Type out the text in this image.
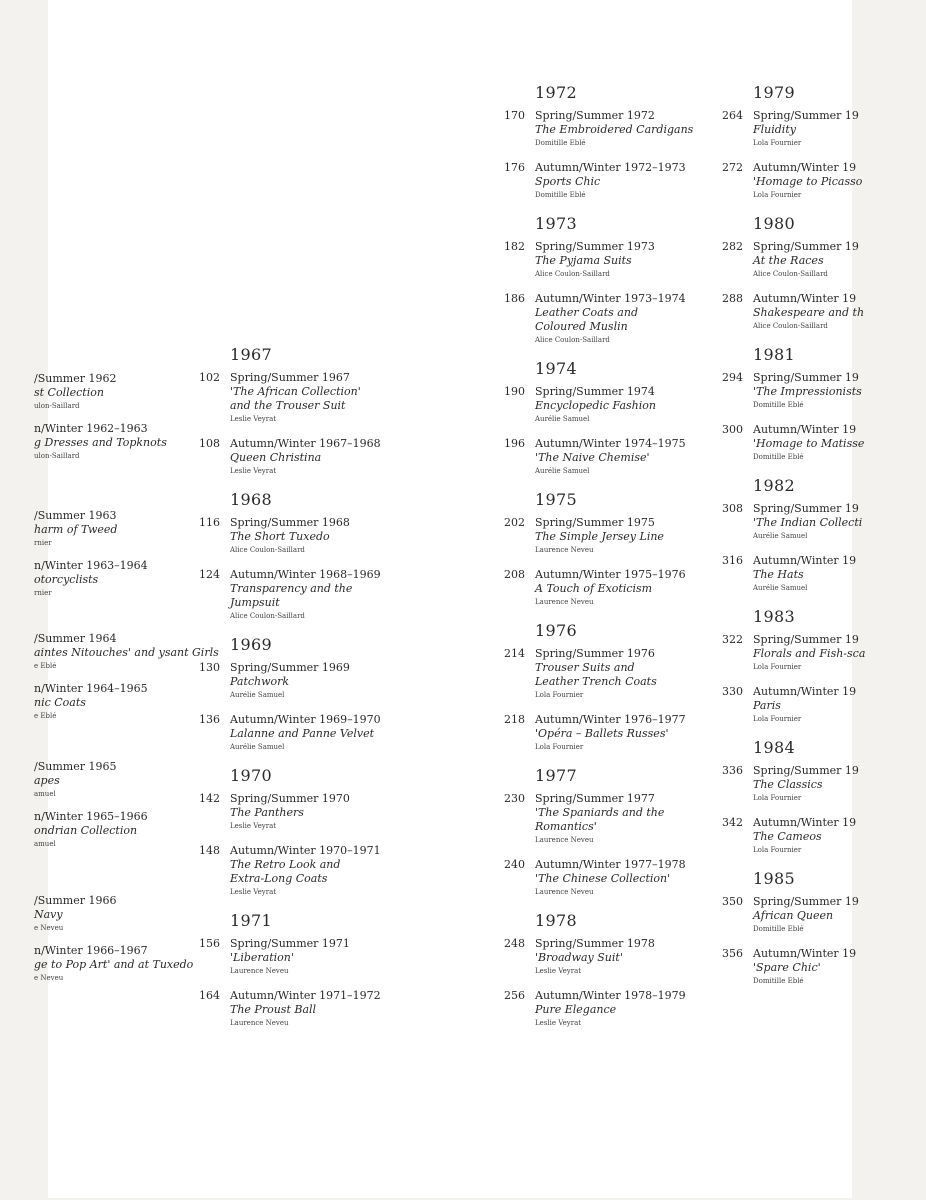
/Summer 1962
st Collection
ulon-Saillard
n/Winter 1962–1963
g Dresses and Topknots
ulon-Saillard
/Summer 1963
harm of Tweed
rnier
n/Winter 1963–1964
otorcyclists
rnier
/Summer 1964
aintes Nitouches' and ysant Girls
e Eblé
n/Winter 1964–1965
nic Coats
e Eblé
/Summer 1965
apes
amuel
n/Winter 1965–1966
ondrian Collection
amuel
/Summer 1966
Navy
e Neveu
n/Winter 1966–1967
ge to Pop Art' and at Tuxedo
e Neveu
1967
102 Spring/Summer 1967
'The African Collection'
and the Trouser Suit
Leslie Veyrat
108 Autumn/Winter 1967–1968
Queen Christina
Leslie Veyrat
1968
116 Spring/Summer 1968
The Short Tuxedo
Alice Coulon-Saillard
124 Autumn/Winter 1968–1969
Transparency and the Jumpsuit
Alice Coulon-Saillard
1969
130 Spring/Summer 1969
Patchwork
Aurélie Samuel
136 Autumn/Winter 1969–1970
Lalanne and Panne Velvet
Aurélie Samuel
1970
142 Spring/Summer 1970
The Panthers
Leslie Veyrat
148 Autumn/Winter 1970–1971
The Retro Look and
Extra-Long Coats
Leslie Veyrat
1971
156 Spring/Summer 1971
'Liberation'
Laurence Neveu
164 Autumn/Winter 1971–1972
The Proust Ball
Laurence Neveu
1972
170 Spring/Summer 1972
The Embroidered Cardigans
Domitille Eblé
176 Autumn/Winter 1972–1973
Sports Chic
Domitille Eblé
1973
182 Spring/Summer 1973
The Pyjama Suits
Alice Coulon-Saillard
186 Autumn/Winter 1973–1974
Leather Coats and
Coloured Muslin
Alice Coulon-Saillard
1974
190 Spring/Summer 1974
Encyclopedic Fashion
Aurélie Samuel
196 Autumn/Winter 1974–1975
'The Naive Chemise'
Aurélie Samuel
1975
202 Spring/Summer 1975
The Simple Jersey Line
Laurence Neveu
208 Autumn/Winter 1975–1976
A Touch of Exoticism
Laurence Neveu
1976
214 Spring/Summer 1976
Trouser Suits and
Leather Trench Coats
Lola Fournier
218 Autumn/Winter 1976–1977
'Opéra – Ballets Russes'
Lola Fournier
1977
230 Spring/Summer 1977
'The Spaniards and the
Romantics'
Laurence Neveu
240 Autumn/Winter 1977–1978
'The Chinese Collection'
Laurence Neveu
1978
248 Spring/Summer 1978
'Broadway Suit'
Leslie Veyrat
256 Autumn/Winter 1978–1979
Pure Elegance
Leslie Veyrat
1979
264 Spring/Summer 19
Fluidity
Lola Fournier
272 Autumn/Winter 19
'Homage to Picasso
Lola Fournier
1980
282 Spring/Summer 19
At the Races
Alice Coulon-Saillard
288 Autumn/Winter 19
Shakespeare and th
Alice Coulon-Saillard
1981
294 Spring/Summer 19
'The Impressionists
Domitille Eblé
300 Autumn/Winter 19
'Homage to Matisse
Domitille Eblé
1982
308 Spring/Summer 19
'The Indian Collecti
Aurélie Samuel
316 Autumn/Winter 19
The Hats
Aurélie Samuel
1983
322 Spring/Summer 19
Florals and Fish-sca
Lola Fournier
330 Autumn/Winter 19
Paris
Lola Fournier
1984
336 Spring/Summer 19
The Classics
Lola Fournier
342 Autumn/Winter 19
The Cameos
Lola Fournier
1985
350 Spring/Summer 19
African Queen
Domitille Eblé
356 Autumn/Winter 19
'Spare Chic'
Domitille Eblé
